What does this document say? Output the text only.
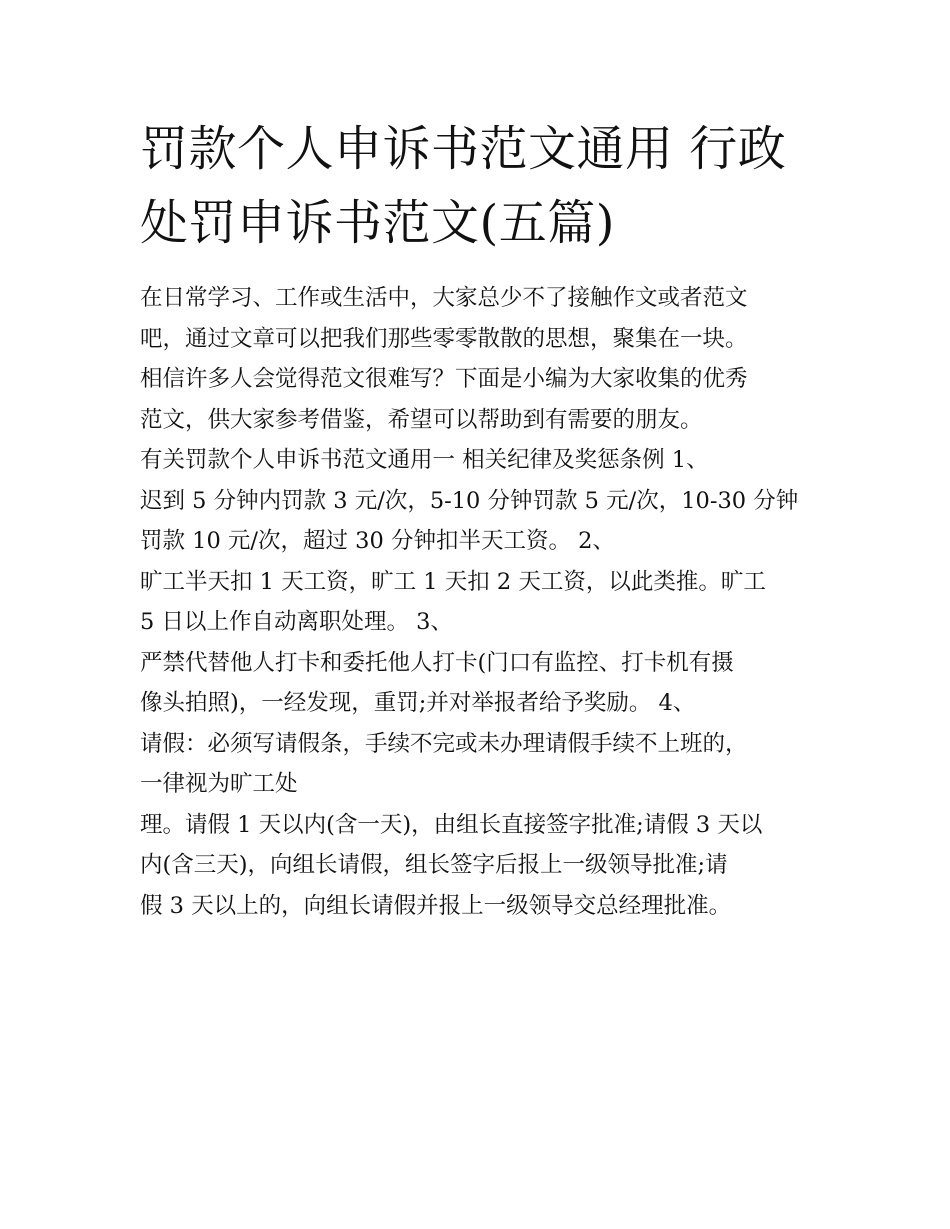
罚款个人申诉书范文通用 行政
处罚申诉书范文(五篇)
在日常学习、工作或生活中，大家总少不了接触作文或者范文
吧，通过文章可以把我们那些零零散散的思想，聚集在一块。
相信许多人会觉得范文很难写？下面是小编为大家收集的优秀
范文，供大家参考借鉴，希望可以帮助到有需要的朋友。
有关罚款个人申诉书范文通用一 相关纪律及奖惩条例 1、
迟到 5 分钟内罚款 3 元/次，5-10 分钟罚款 5 元/次，10-30 分钟
罚款 10 元/次，超过 30 分钟扣半天工资。 2、
旷工半天扣 1 天工资，旷工 1 天扣 2 天工资，以此类推。旷工
5 日以上作自动离职处理。 3、
严禁代替他人打卡和委托他人打卡(门口有监控、打卡机有摄
像头拍照)，一经发现，重罚;并对举报者给予奖励。 4、
请假：必须写请假条，手续不完或未办理请假手续不上班的，
一律视为旷工处
理。请假 1 天以内(含一天)，由组长直接签字批准;请假 3 天以
内(含三天)，向组长请假，组长签字后报上一级领导批准;请
假 3 天以上的，向组长请假并报上一级领导交总经理批准。
